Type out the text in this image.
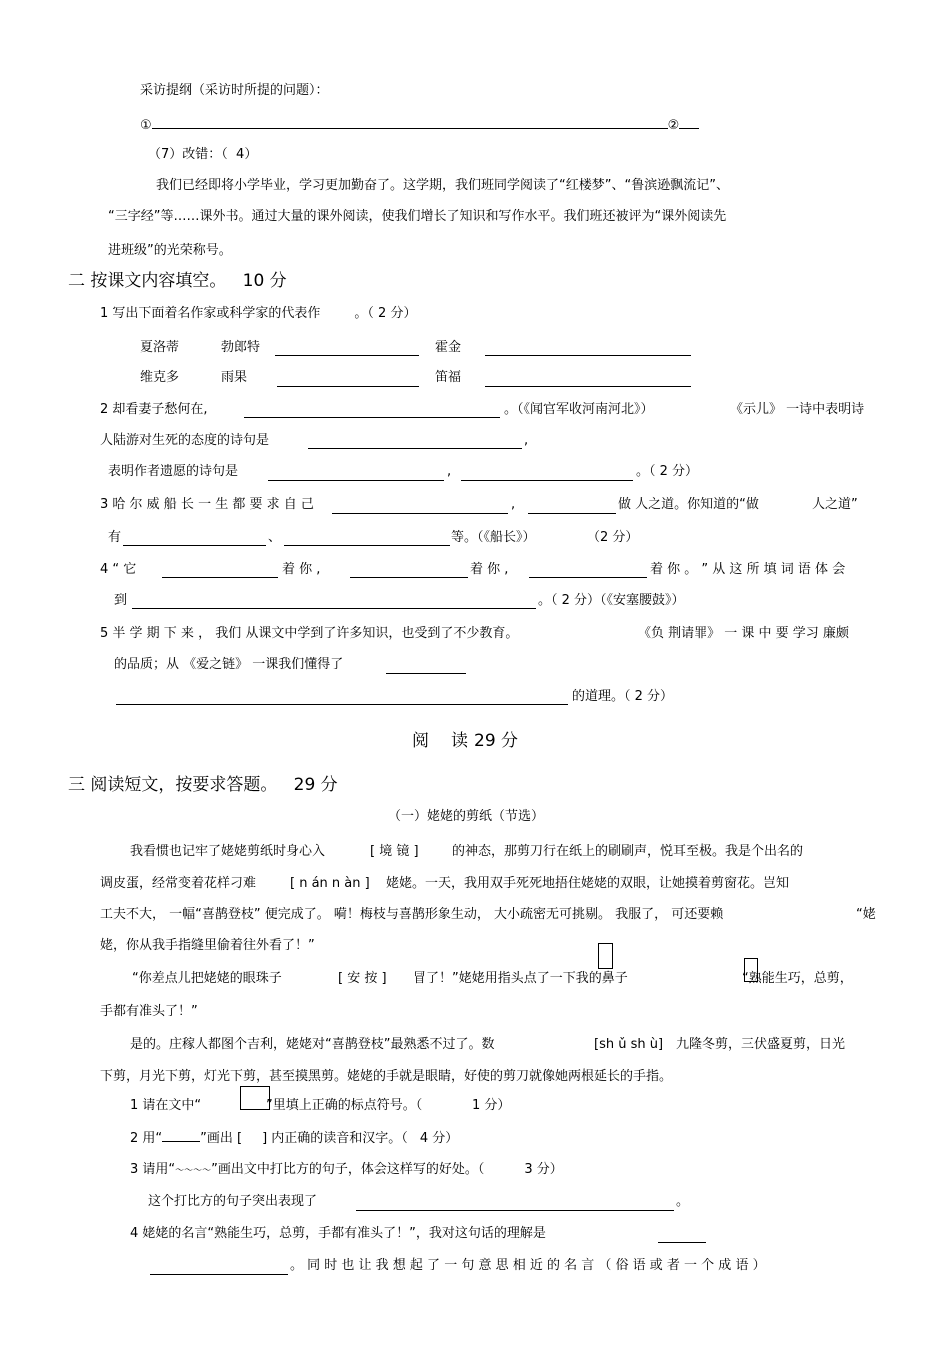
采访提纲（采访时所提的问题）：
①	②
（7）改错：（ 4）
我们已经即将小学毕业，学习更加勤奋了。这学期，我们班同学阅读了“红楼梦”、“鲁滨逊飘流记”、
“三字经”等……课外书。通过大量的课外阅读，使我们增长了知识和写作水平。我们班还被评为“课外阅读先
进班级”的光荣称号。
二 按课文内容填空。 10 分
1 写出下面着名作家或科学家的代表作	。（ 2 分）
夏洛蒂	勃郎特	霍金
维克多	雨果	笛福
2 却看妻子愁何在,	。（《闻官军收河南河北》）	《示儿》 一诗中表明诗
人陆游对生死的态度的诗句是	,
表明作者遗愿的诗句是	,	。（ 2 分）
3 哈 尔 威 船 长 一 生 都 要 求 自 己	,	做 人之道。你知道的“做	人之道”
有	、	等。（《船长》）	（2 分）
4 “ 它	着 你 ,	着 你 ,	着 你 。 ” 从 这 所 填 词 语 体 会
到	。（ 2 分）（《安塞腰鼓》）
5 半 学 期 下 来 ， 我们 从课文中学到了许多知识，也受到了不少教育。	《负 荆请罪》 一 课 中 要 学习 廉颇
的品质；从 《爱之链》 一课我们懂得了
的道理。（ 2 分）
阅 读 29 分
三 阅读短文，按要求答题。 29 分
（一）姥姥的剪纸（节选）
我看惯也记牢了姥姥剪纸时身心入	[ 境 镜 ]	的神态，那剪刀行在纸上的刷刷声，悦耳至极。我是个出名的
调皮蛋，经常变着花样刁难	[ n án n àn ] 姥姥。一天，我用双手死死地捂住姥姥的双眼，让她摸着剪窗花。岂知
工夫不大， 一幅“喜鹊登枝” 便完成了。 嗬！梅枝与喜鹊形象生动， 大小疏密无可挑剔。 我服了， 可还要赖	“姥
姥，你从我手指缝里偷着往外看了！”
“你差点儿把姥姥的眼珠子	[ 安 按 ] 冒了！”姥姥用指头点了一下我的鼻子	“熟能生巧，总剪，
手都有准头了！”
是的。庄稼人都图个吉利，姥姥对“喜鹊登枝”最熟悉不过了。数	[sh ǔ sh ù] 九隆冬剪，三伏盛夏剪，日光
下剪，月光下剪，灯光下剪，甚至摸黑剪。姥姥的手就是眼睛，好使的剪刀就像她两根延长的手指。
1 请在文中“	”里填上正确的标点符号。（	1 分）
2 用“	”画出 [ ] 内正确的读音和汉字。（ 4 分）
3 请用“～～～～”画出文中打比方的句子，体会这样写的好处。（	3 分）
这个打比方的句子突出表现了	。
4 姥姥的名言“熟能生巧，总剪，手都有准头了！”，我对这句话的理解是
。 同 时 也 让 我 想 起 了 一 句 意 思 相 近 的 名 言 （ 俗 语 或 者 一 个 成 语 ）
